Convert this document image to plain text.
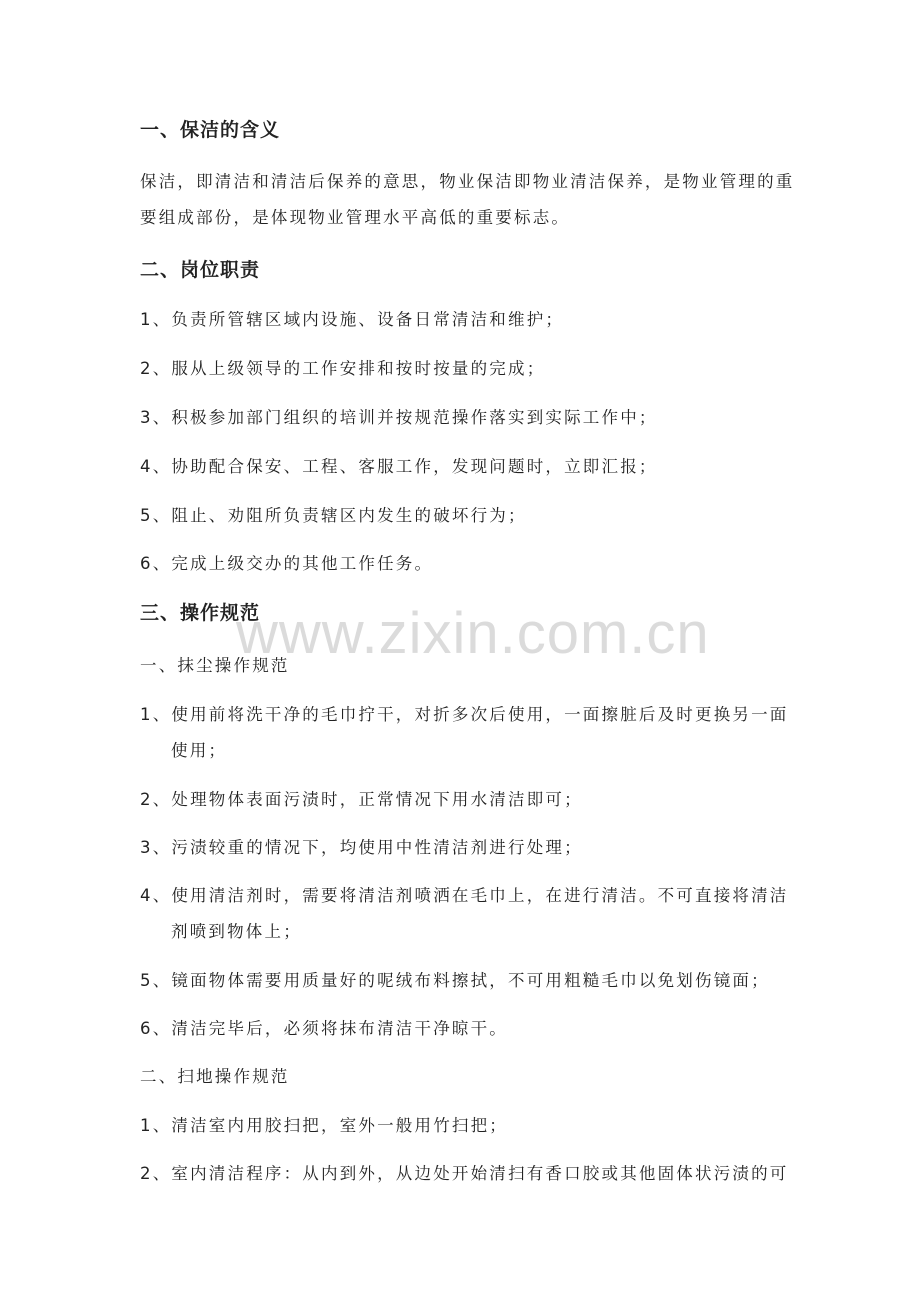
www.zixin.com.cn
一、保洁的含义
保洁，即清洁和清洁后保养的意思，物业保洁即物业清洁保养，是物业管理的重
要组成部份，是体现物业管理水平高低的重要标志。
二、岗位职责
1、负责所管辖区域内设施、设备日常清洁和维护；
2、服从上级领导的工作安排和按时按量的完成；
3、积极参加部门组织的培训并按规范操作落实到实际工作中；
4、协助配合保安、工程、客服工作，发现问题时，立即汇报；
5、阻止、劝阻所负责辖区内发生的破坏行为；
6、完成上级交办的其他工作任务。
三、操作规范
一、抹尘操作规范
1、使用前将洗干净的毛巾拧干，对折多次后使用，一面擦脏后及时更换另一面
使用；
2、处理物体表面污渍时，正常情况下用水清洁即可；
3、污渍较重的情况下，均使用中性清洁剂进行处理；
4、使用清洁剂时，需要将清洁剂喷洒在毛巾上，在进行清洁。不可直接将清洁
剂喷到物体上；
5、镜面物体需要用质量好的呢绒布料擦拭，不可用粗糙毛巾以免划伤镜面；
6、清洁完毕后，必须将抹布清洁干净晾干。
二、扫地操作规范
1、清洁室内用胶扫把，室外一般用竹扫把；
2、室内清洁程序：从内到外，从边处开始清扫有香口胶或其他固体状污渍的可
